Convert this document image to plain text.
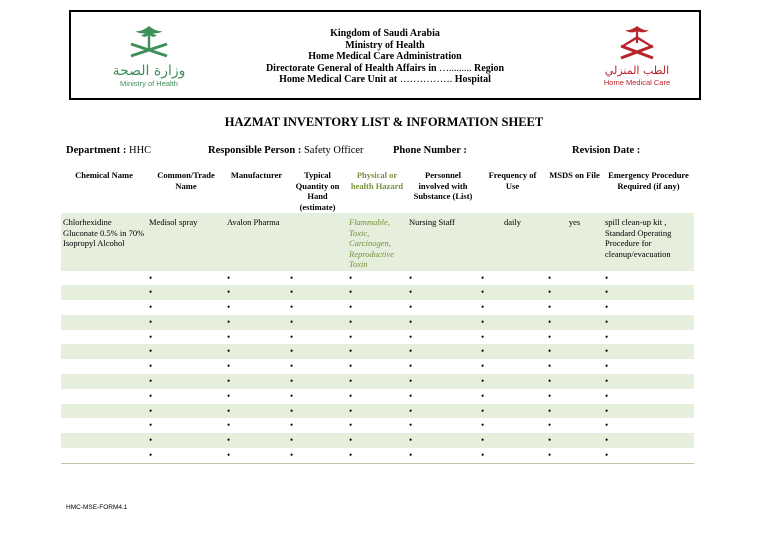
وزارة الصحة
Ministry of Health
Kingdom of Saudi Arabia
Ministry of Health
Home Medical Care Administration
Directorate General of Health Affairs in …......... Region
Home Medical Care Unit at ……………. Hospital
الطب المنزلي
Home Medical Care
HAZMAT INVENTORY LIST & INFORMATION SHEET
Department : HHC	Responsible Person : Safety Officer	Phone Number :	Revision Date :
Chemical Name	Common/Trade Name	Manufacturer	Typical Quantity on Hand (estimate)	Physical or health Hazard	Personnel involved with Substance (List)	Frequency of Use	MSDS on File	Emergency Procedure Required (if any)
Chlorhexidine Gluconate 0.5% in 70% Isopropyl Alcohol	Medisol spray	Avalon Pharma		Flammable, Toxic, Carcinogen, Reproductive Toxin	Nursing Staff	daily	yes	spill clean-up kit , Standard Operating Procedure for cleanup/evacuation
	•	•	•	•	•	•	•	•
	•	•	•	•	•	•	•	•
	•	•	•	•	•	•	•	•
	•	•	•	•	•	•	•	•
	•	•	•	•	•	•	•	•
	•	•	•	•	•	•	•	•
	•	•	•	•	•	•	•	•
	•	•	•	•	•	•	•	•
	•	•	•	•	•	•	•	•
	•	•	•	•	•	•	•	•
	•	•	•	•	•	•	•	•
	•	•	•	•	•	•	•	•
	•	•	•	•	•	•	•	•
HMC-MSE-FORM4.1
